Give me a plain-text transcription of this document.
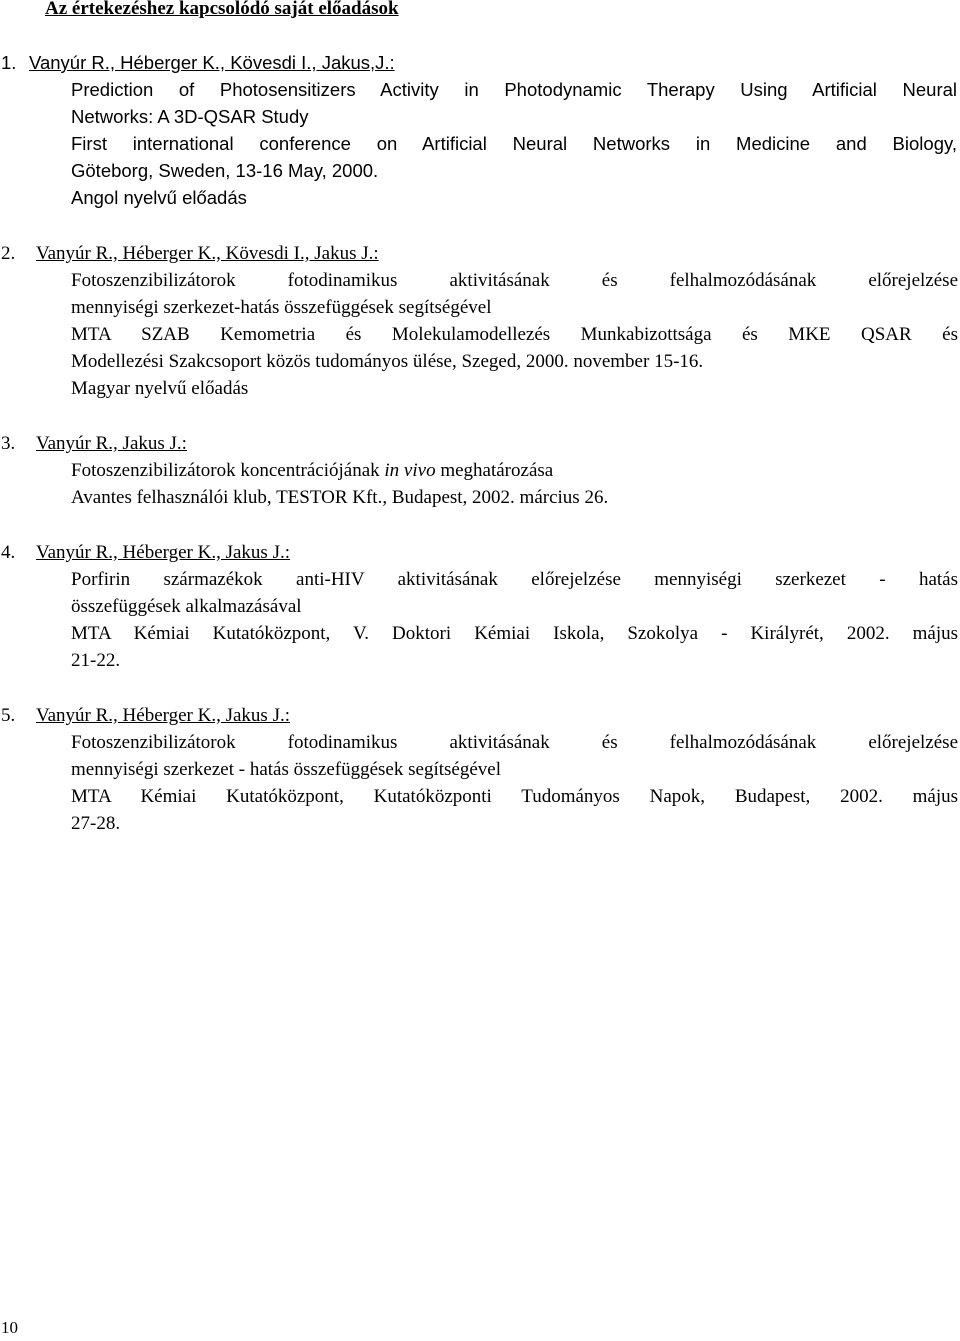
Az értekezéshez kapcsolódó saját előadások
1. Vanyúr R., Héberger K., Kövesdi I., Jakus,J.:

Prediction of Photosensitizers Activity in Photodynamic Therapy Using Artificial Neural

Networks: A 3D-QSAR Study

First international conference on Artificial Neural Networks in Medicine and Biology,

Göteborg, Sweden, 13-16 May, 2000.

Angol nyelvű előadás

2. Vanyúr R., Héberger K., Kövesdi I., Jakus J.:

Fotoszenzibilizátorok fotodinamikus aktivitásának és felhalmozódásának előrejelzése

mennyiségi szerkezet-hatás összefüggések segítségével

MTA SZAB Kemometria és Molekulamodellezés Munkabizottsága és MKE QSAR és

Modellezési Szakcsoport közös tudományos ülése, Szeged, 2000. november 15-16.

Magyar nyelvű előadás

3. Vanyúr R., Jakus J.:

Fotoszenzibilizátorok koncentrációjának in vivo meghatározása

Avantes felhasználói klub, TESTOR Kft., Budapest, 2002. március 26.

4. Vanyúr R., Héberger K., Jakus J.:

Porfirin származékok anti-HIV aktivitásának előrejelzése mennyiségi szerkezet - hatás

összefüggések alkalmazásával

MTA Kémiai Kutatóközpont, V. Doktori Kémiai Iskola, Szokolya - Királyrét, 2002. május

21-22.

5. Vanyúr R., Héberger K., Jakus J.:

Fotoszenzibilizátorok fotodinamikus aktivitásának és felhalmozódásának előrejelzése

mennyiségi szerkezet - hatás összefüggések segítségével

MTA Kémiai Kutatóközpont, Kutatóközponti Tudományos Napok, Budapest, 2002. május

27-28.

10
